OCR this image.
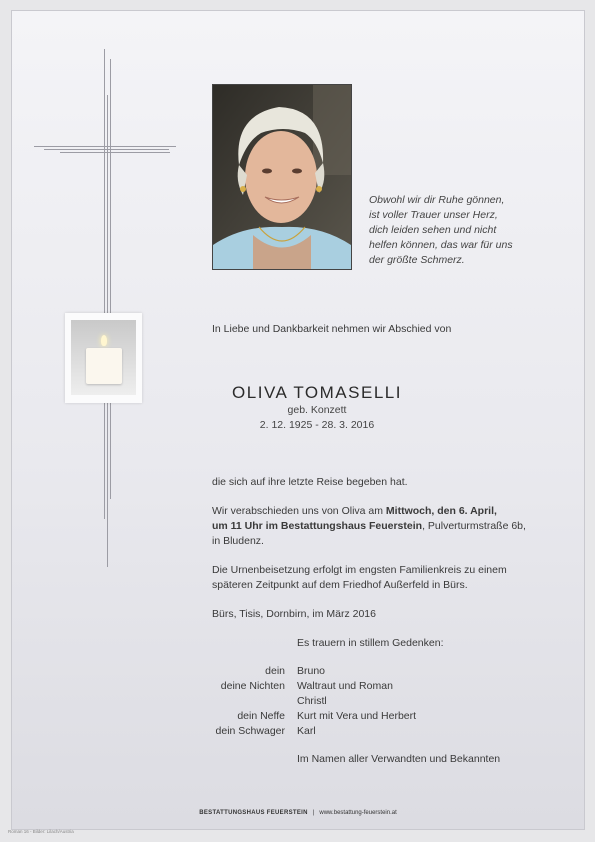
Obwohl wir dir Ruhe gönnen,
ist voller Trauer unser Herz,
dich leiden sehen und nicht
helfen können, das war für uns
der größte Schmerz.
In Liebe und Dankbarkeit nehmen wir Abschied von
OLIVA TOMASELLI
geb. Konzett
2. 12. 1925 - 28. 3. 2016
die sich auf ihre letzte Reise begeben hat.
Wir verabschieden uns von Oliva am Mittwoch, den 6. April,
um 11 Uhr im Bestattungshaus Feuerstein, Pulverturmstraße 6b,
in Bludenz.
Die Urnenbeisetzung erfolgt im engsten Familienkreis zu einem
späteren Zeitpunkt auf dem Friedhof Außerfeld in Bürs.
Bürs, Tisis, Dornbirn, im März 2016
Es trauern in stillem Gedenken:
dein Bruno
deine Nichten Waltraut und Roman
Christl
dein Neffe Kurt mit Vera und Herbert
dein Schwager Karl
Im Namen aller Verwandten und Bekannten
BESTATTUNGSHAUS FEUERSTEIN | www.bestattung-feuerstein.at
Roman 16 - Bilder: Lilach/Austria
